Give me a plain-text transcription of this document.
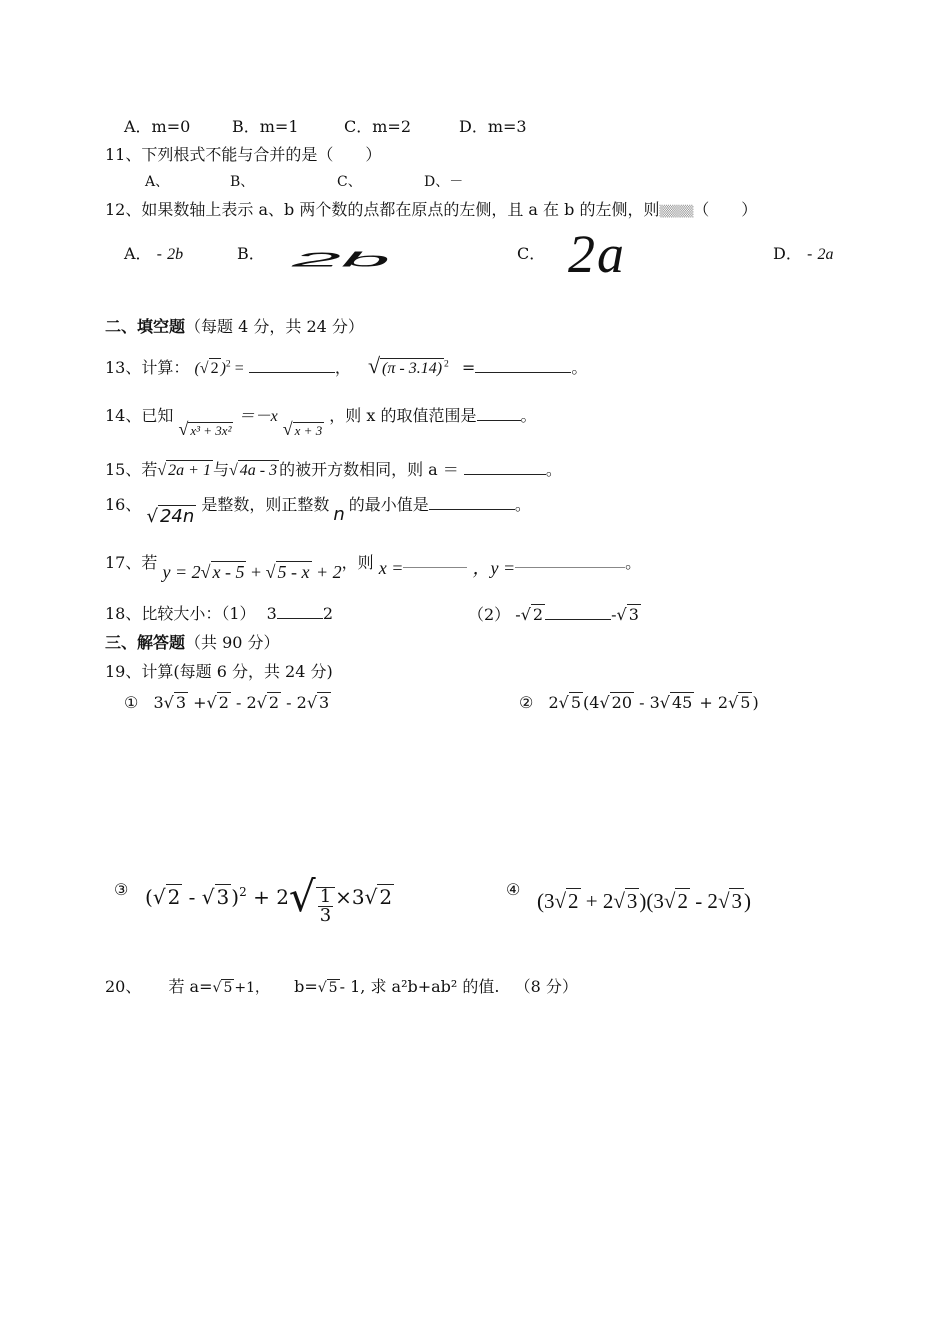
A．m=0	B．m=1	C．m=2	D．m=3
11、下列根式不能与合并的是（　　）
A、	B、	C、	D、－
12、如果数轴上表示 a、b 两个数的点都在原点的左侧，且 a 在 b 的左侧，则▒▒▒▒（　　）
A． - 2b	B． 2b	C． 2a	D． - 2a
二、填空题（每题 4 分，共 24 分）
13、计算： (√ 2 )$^2$ =	， √ (π - 3.14) $^2$ =	。
14、已知 $_{√ x^3 + 3x^2}$ ＝－x $_{√ x + 3}$ ，则 x 的取值范围是	。
15、若√ 2a + 1 与√ 4a - 3 的被开方数相同，则 a ＝	。
16、 √ 24n 是整数，则正整数 n 的最小值是	。
17、若 y = 2√ x - 5 + √ 5 - x + 2，则 x =	，y =	。
18、比较大小：（1） 3	2	（2） -√ 2	-√ 3
三、解答题（共 90 分）
19、计算(每题 6 分，共 24 分)
① 3√ 3 +√ 2 - 2√ 2 - 2√ 3	② 2√ 5 (4√ 20 - 3√ 45 + 2√ 5 )
③ (√ 2 - √ 3 )$^2 + 2√ \frac{1}{3} \times 3√$ 2	④ (3√2 + 2√3)(3√2 - 2√3)
20、 若 a=√ 5 +1， b=√ 5 - 1, 求 a²b+ab² 的值. （8 分）
